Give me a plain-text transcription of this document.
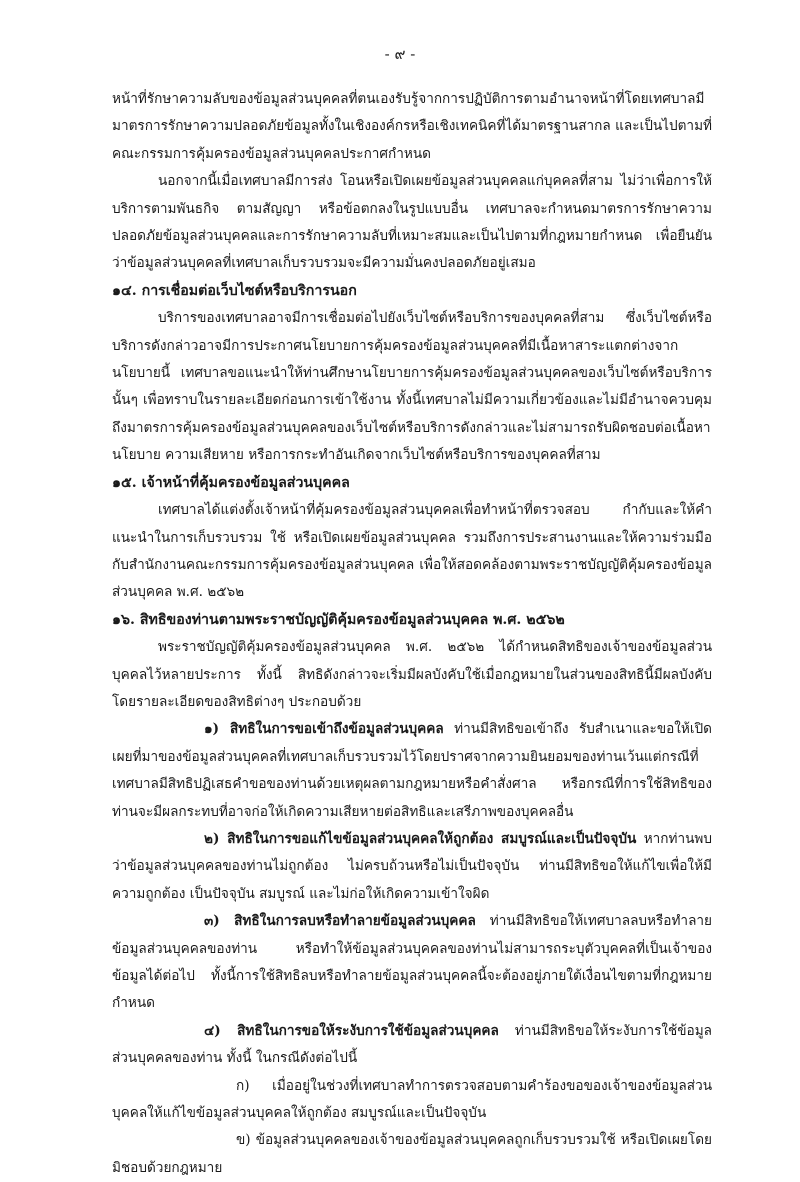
- ๙ -

หน้าที่รักษาความลับของข้อมูลส่วนบุคคลที่ตนเองรับรู้จากการปฏิบัติการตามอำนาจหน้าที่โดยเทศบาลมีมาตรการรักษาความปลอดภัยข้อมูลทั้งในเชิงองค์กรหรือเชิงเทคนิคที่ได้มาตรฐานสากล และเป็นไปตามที่คณะกรรมการคุ้มครองข้อมูลส่วนบุคคลประกาศกำหนด

นอกจากนี้เมื่อเทศบาลมีการส่ง โอนหรือเปิดเผยข้อมูลส่วนบุคคลแก่บุคคลที่สาม ไม่ว่าเพื่อการให้บริการตามพันธกิจ ตามสัญญา หรือข้อตกลงในรูปแบบอื่น เทศบาลจะกำหนดมาตรการรักษาความปลอดภัยข้อมูลส่วนบุคคลและการรักษาความลับที่เหมาะสมและเป็นไปตามที่กฎหมายกำหนด เพื่อยืนยันว่าข้อมูลส่วนบุคคลที่เทศบาลเก็บรวบรวมจะมีความมั่นคงปลอดภัยอยู่เสมอ

๑๔. การเชื่อมต่อเว็บไซต์หรือบริการนอก

บริการของเทศบาลอาจมีการเชื่อมต่อไปยังเว็บไซต์หรือบริการของบุคคลที่สาม ซึ่งเว็บไซต์หรือบริการดังกล่าวอาจมีการประกาศนโยบายการคุ้มครองข้อมูลส่วนบุคคลที่มีเนื้อหาสาระแตกต่างจากนโยบายนี้ เทศบาลขอแนะนำให้ท่านศึกษานโยบายการคุ้มครองข้อมูลส่วนบุคคลของเว็บไซต์หรือบริการนั้นๆ เพื่อทราบในรายละเอียดก่อนการเข้าใช้งาน ทั้งนี้เทศบาลไม่มีความเกี่ยวข้องและไม่มีอำนาจควบคุมถึงมาตรการคุ้มครองข้อมูลส่วนบุคคลของเว็บไซต์หรือบริการดังกล่าวและไม่สามารถรับผิดชอบต่อเนื้อหา นโยบาย ความเสียหาย หรือการกระทำอันเกิดจากเว็บไซต์หรือบริการของบุคคลที่สาม

๑๕. เจ้าหน้าที่คุ้มครองข้อมูลส่วนบุคคล

เทศบาลได้แต่งตั้งเจ้าหน้าที่คุ้มครองข้อมูลส่วนบุคคลเพื่อทำหน้าที่ตรวจสอบ กำกับและให้คำแนะนำในการเก็บรวบรวม ใช้ หรือเปิดเผยข้อมูลส่วนบุคคล รวมถึงการประสานงานและให้ความร่วมมือกับสำนักงานคณะกรรมการคุ้มครองข้อมูลส่วนบุคคล เพื่อให้สอดคล้องตามพระราชบัญญัติคุ้มครองข้อมูลส่วนบุคคล พ.ศ. ๒๕๖๒

๑๖. สิทธิของท่านตามพระราชบัญญัติคุ้มครองข้อมูลส่วนบุคคล พ.ศ. ๒๕๖๒

พระราชบัญญัติคุ้มครองข้อมูลส่วนบุคคล พ.ศ. ๒๕๖๒ ได้กำหนดสิทธิของเจ้าของข้อมูลส่วนบุคคลไว้หลายประการ ทั้งนี้ สิทธิดังกล่าวจะเริ่มมีผลบังคับใช้เมื่อกฎหมายในส่วนของสิทธินี้มีผลบังคับ โดยรายละเอียดของสิทธิต่างๆ ประกอบด้วย

๑) สิทธิในการขอเข้าถึงข้อมูลส่วนบุคคล ท่านมีสิทธิขอเข้าถึง รับสำเนาและขอให้เปิดเผยที่มาของข้อมูลส่วนบุคคลที่เทศบาลเก็บรวบรวมไว้โดยปราศจากความยินยอมของท่านเว้นแต่กรณีที่เทศบาลมีสิทธิปฏิเสธคำขอของท่านด้วยเหตุผลตามกฎหมายหรือคำสั่งศาล หรือกรณีที่การใช้สิทธิของท่านจะมีผลกระทบที่อาจก่อให้เกิดความเสียหายต่อสิทธิและเสรีภาพของบุคคลอื่น

๒) สิทธิในการขอแก้ไขข้อมูลส่วนบุคคลให้ถูกต้อง สมบูรณ์และเป็นปัจจุบัน หากท่านพบว่าข้อมูลส่วนบุคคลของท่านไม่ถูกต้อง ไม่ครบถ้วนหรือไม่เป็นปัจจุบัน ท่านมีสิทธิขอให้แก้ไขเพื่อให้มีความถูกต้อง เป็นปัจจุบัน สมบูรณ์ และไม่ก่อให้เกิดความเข้าใจผิด

๓) สิทธิในการลบหรือทำลายข้อมูลส่วนบุคคล ท่านมีสิทธิขอให้เทศบาลลบหรือทำลายข้อมูลส่วนบุคคลของท่าน หรือทำให้ข้อมูลส่วนบุคคลของท่านไม่สามารถระบุตัวบุคคลที่เป็นเจ้าของข้อมูลได้ต่อไป ทั้งนี้การใช้สิทธิลบหรือทำลายข้อมูลส่วนบุคคลนี้จะต้องอยู่ภายใต้เงื่อนไขตามที่กฎหมายกำหนด

๔) สิทธิในการขอให้ระงับการใช้ข้อมูลส่วนบุคคล ท่านมีสิทธิขอให้ระงับการใช้ข้อมูลส่วนบุคคลของท่าน ทั้งนี้ ในกรณีดังต่อไปนี้

ก) เมื่ออยู่ในช่วงที่เทศบาลทำการตรวจสอบตามคำร้องขอของเจ้าของข้อมูลส่วนบุคคลให้แก้ไขข้อมูลส่วนบุคคลให้ถูกต้อง สมบูรณ์และเป็นปัจจุบัน

ข) ข้อมูลส่วนบุคคลของเจ้าของข้อมูลส่วนบุคคลถูกเก็บรวบรวมใช้ หรือเปิดเผยโดยมิชอบด้วยกฎหมาย
